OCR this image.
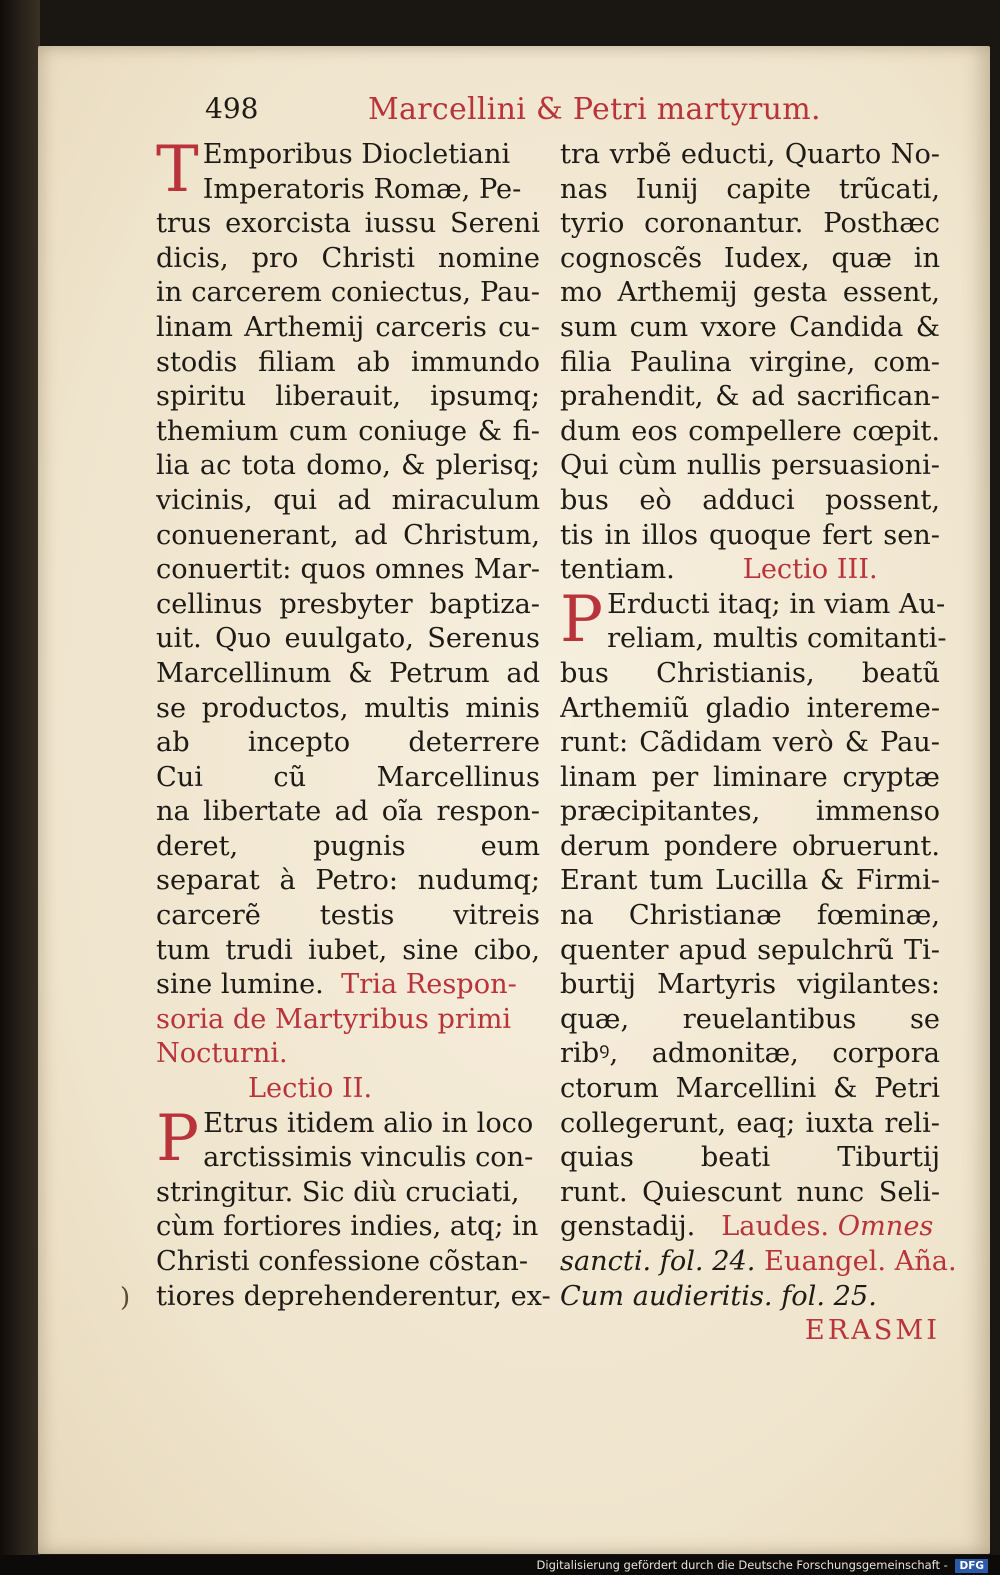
498	Marcellini & Petri martyrum.
T Emporibus Diocletiani
Imperatoris Romæ, Pe-
trus exorcista iussu Sereni
dicis, pro Christi nomine
in carcerem coniectus, Pau-
linam Arthemij carceris cu-
stodis filiam ab immundo
spiritu liberauit, ipsumq;
themium cum coniuge & fi-
lia ac tota domo, & plerisq;
vicinis, qui ad miraculum
conuenerant, ad Christum,
conuertit: quos omnes Mar-
cellinus presbyter baptiza-
uit. Quo euulgato, Serenus
Marcellinum & Petrum ad
se productos, multis minis
ab incepto deterrere
Cui cũ Marcellinus
na libertate ad oĩa respon-
deret, pugnis eum
separat à Petro: nudumq;
carcerẽ testis vitreis
tum trudi iubet, sine cibo,
sine lumine. Tria Respon-
soria de Martyribus primi
Nocturni.
Lectio II.
P Etrus itidem alio in loco
arctissimis vinculis con-
stringitur. Sic diù cruciati,
cùm fortiores indies, atq; in
Christi confessione cõstan-
tiores deprehenderentur, ex-
)
tra vrbẽ educti, Quarto No-
nas Iunij capite trũcati,
tyrio coronantur. Posthæc
cognoscẽs Iudex, quæ in
mo Arthemij gesta essent,
sum cum vxore Candida &
filia Paulina virgine, com-
prahendit, & ad sacrifican-
dum eos compellere cœpit.
Qui cùm nullis persuasioni-
bus eò adduci possent,
tis in illos quoque fert sen-
tentiam.	Lectio III.
P Erducti itaq; in viam Au-
reliam, multis comitanti-
bus Christianis, beatũ
Arthemiũ gladio intereme-
runt: Cãdidam verò & Pau-
linam per liminare cryptæ
præcipitantes, immenso
derum pondere obruerunt.
Erant tum Lucilla & Firmi-
na Christianæ fœminæ,
quenter apud sepulchrũ Ti-
burtij Martyris vigilantes:
quæ, reuelantibus se
ribꝰ, admonitæ, corpora
ctorum Marcellini & Petri
collegerunt, eaq; iuxta reli-
quias beati Tiburtij
runt. Quiescunt nunc Seli-
genstadij. Laudes. Omnes
sancti. fol. 24. Euangel. Aña.
Cum audieritis. fol. 25.
ERASMI
Digitalisierung gefördert durch die Deutsche Forschungsgemeinschaft - DFG
